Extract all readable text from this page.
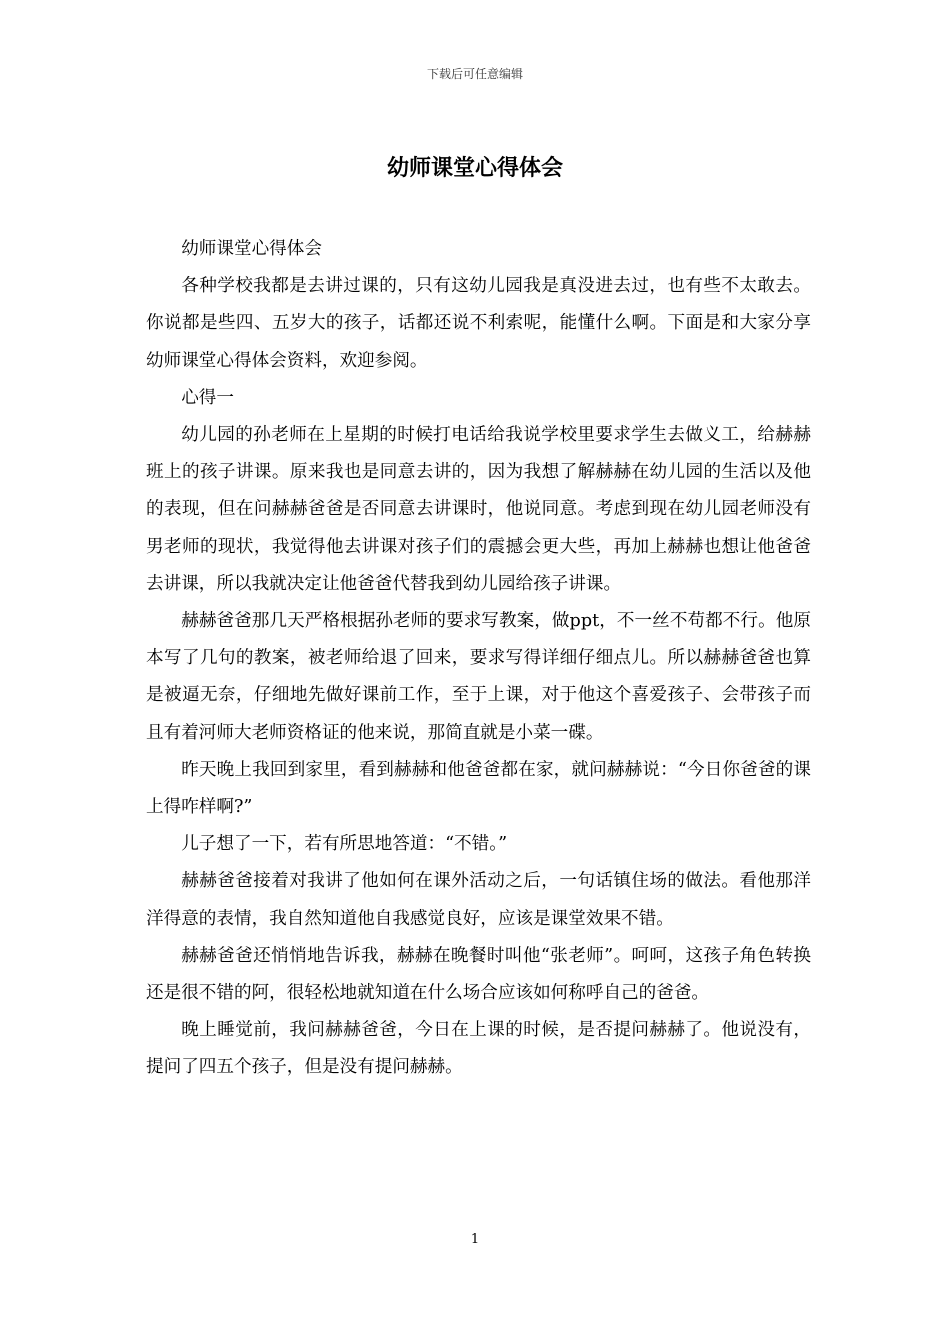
下载后可任意编辑
幼师课堂心得体会

幼师课堂心得体会

各种学校我都是去讲过课的，只有这幼儿园我是真没进去过，也有些不太敢去。你说都是些四、五岁大的孩子，话都还说不利索呢，能懂什么啊。下面是和大家分享幼师课堂心得体会资料，欢迎参阅。

心得一

幼儿园的孙老师在上星期的时候打电话给我说学校里要求学生去做义工，给赫赫班上的孩子讲课。原来我也是同意去讲的，因为我想了解赫赫在幼儿园的生活以及他的表现，但在问赫赫爸爸是否同意去讲课时，他说同意。考虑到现在幼儿园老师没有男老师的现状，我觉得他去讲课对孩子们的震撼会更大些，再加上赫赫也想让他爸爸去讲课，所以我就决定让他爸爸代替我到幼儿园给孩子讲课。

赫赫爸爸那几天严格根据孙老师的要求写教案，做ppt，不一丝不苟都不行。他原本写了几句的教案，被老师给退了回来，要求写得详细仔细点儿。所以赫赫爸爸也算是被逼无奈，仔细地先做好课前工作，至于上课，对于他这个喜爱孩子、会带孩子而且有着河师大老师资格证的他来说，那简直就是小菜一碟。

昨天晚上我回到家里，看到赫赫和他爸爸都在家，就问赫赫说：“今日你爸爸的课上得咋样啊?”

儿子想了一下，若有所思地答道：“不错。”

赫赫爸爸接着对我讲了他如何在课外活动之后，一句话镇住场的做法。看他那洋洋得意的表情，我自然知道他自我感觉良好，应该是课堂效果不错。

赫赫爸爸还悄悄地告诉我，赫赫在晚餐时叫他“张老师”。呵呵，这孩子角色转换还是很不错的阿，很轻松地就知道在什么场合应该如何称呼自己的爸爸。

晚上睡觉前，我问赫赫爸爸，今日在上课的时候，是否提问赫赫了。他说没有，提问了四五个孩子，但是没有提问赫赫。

1
